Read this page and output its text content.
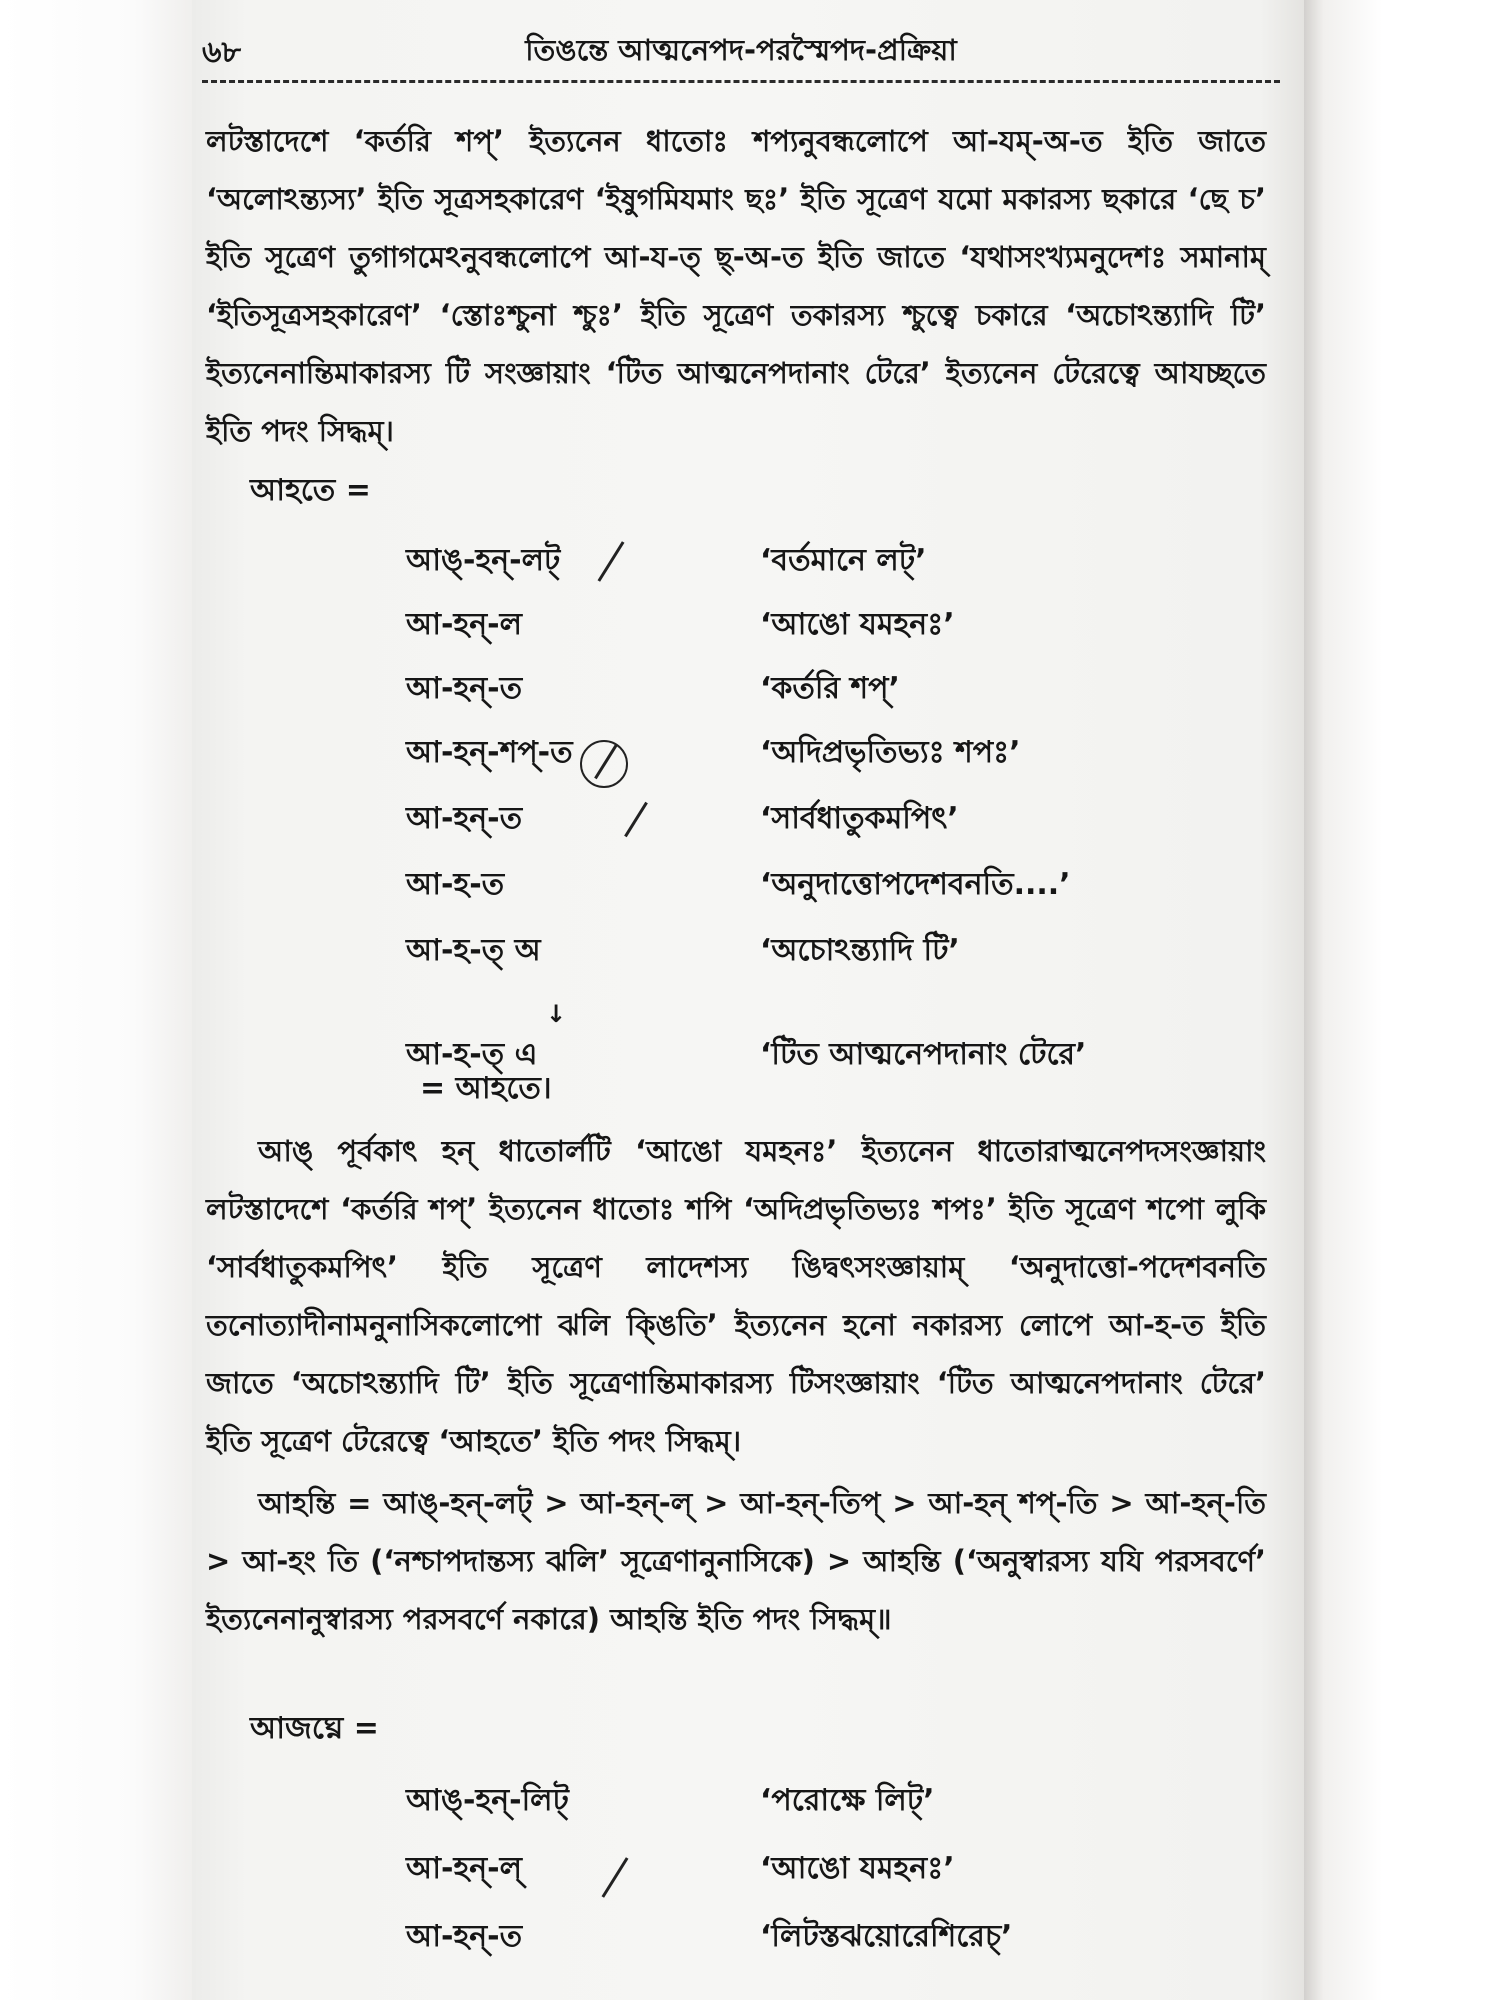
৬৮	তিঙন্তে আত্মনেপদ-পরস্মৈপদ-প্রক্রিয়া

লটস্তাদেশে ‘কর্তরি শপ্’ ইত্যনেন ধাতোঃ শপ্যনুবন্ধলোপে আ-যম্-অ-ত ইতি জাতে ‘অলোঽন্ত্যস্য’ ইতি সূত্রসহকারেণ ‘ইষুগমিযমাং ছঃ’ ইতি সূত্রেণ যমো মকারস্য ছকারে ‘ছে চ’ ইতি সূত্রেণ তুগাগমেঽনুবন্ধলোপে আ-য-ত্ ছ্-অ-ত ইতি জাতে ‘যথাসংখ্যমনুদেশঃ সমানাম্ ‘ইতিসূত্রসহকারেণ’ ‘স্তোঃশ্চুনা শ্চুঃ’ ইতি সূত্রেণ তকারস্য শ্চুত্বে চকারে ‘অচোঽন্ত্যাদি টি’ ইত্যনেনান্তিমাকারস্য টি সংজ্ঞায়াং ‘টিত আত্মনেপদানাং টেরে’ ইত্যনেন টেরেত্বে আযচ্ছতে ইতি পদং সিদ্ধম্।

আহতে =
আঙ্-হন্-লট্	‘বর্তমানে লট্’
আ-হন্-ল	‘আঙো যমহনঃ’
আ-হন্-ত	‘কর্তরি শপ্’
আ-হন্-শপ্-ত	‘অদিপ্রভৃতিভ্যঃ শপঃ’
আ-হন্-ত	‘সার্বধাতুকমপিৎ’
আ-হ-ত	‘অনুদাত্তোপদেশবনতি....’
আ-হ-ত্ অ	‘অচোঽন্ত্যাদি টি’
↓
আ-হ-ত্ এ	‘টিত আত্মনেপদানাং টেরে’
= আহতে।

আঙ্ পূর্বকাৎ হন্ ধাতোর্লটি ‘আঙো যমহনঃ’ ইত্যনেন ধাতোরাত্মনেপদসংজ্ঞায়াং লটস্তাদেশে ‘কর্তরি শপ্’ ইত্যনেন ধাতোঃ শপি ‘অদিপ্রভৃতিভ্যঃ শপঃ’ ইতি সূত্রেণ শপো লুকি ‘সার্বধাতুকমপিৎ’ ইতি সূত্রেণ লাদেশস্য ঙিদ্বৎসংজ্ঞায়াম্ ‘অনুদাত্তো-পদেশবনতি তনোত্যাদীনামনুনাসিকলোপো ঝলি ক্ঙিতি’ ইত্যনেন হনো নকারস্য লোপে আ-হ-ত ইতি জাতে ‘অচোঽন্ত্যাদি টি’ ইতি সূত্রেণান্তিমাকারস্য টিসংজ্ঞায়াং ‘টিত আত্মনেপদানাং টেরে’ ইতি সূত্রেণ টেরেত্বে ‘আহতে’ ইতি পদং সিদ্ধম্।

আহন্তি = আঙ্-হন্-লট্ > আ-হন্-ল্ > আ-হন্-তিপ্ > আ-হন্ শপ্-তি > আ-হন্-তি > আ-হং তি (‘নশ্চাপদান্তস্য ঝলি’ সূত্রেণানুনাসিকে) > আহন্তি (‘অনুস্বারস্য যযি পরসবর্ণে’ ইত্যনেনানুস্বারস্য পরসবর্ণে নকারে) আহন্তি ইতি পদং সিদ্ধম্॥

আজঘ্নে =
আঙ্-হন্-লিট্	‘পরোক্ষে লিট্’
আ-হন্-ল্	‘আঙো যমহনঃ’
আ-হন্-ত	‘লিটস্তঝয়োরেশিরেচ্’
